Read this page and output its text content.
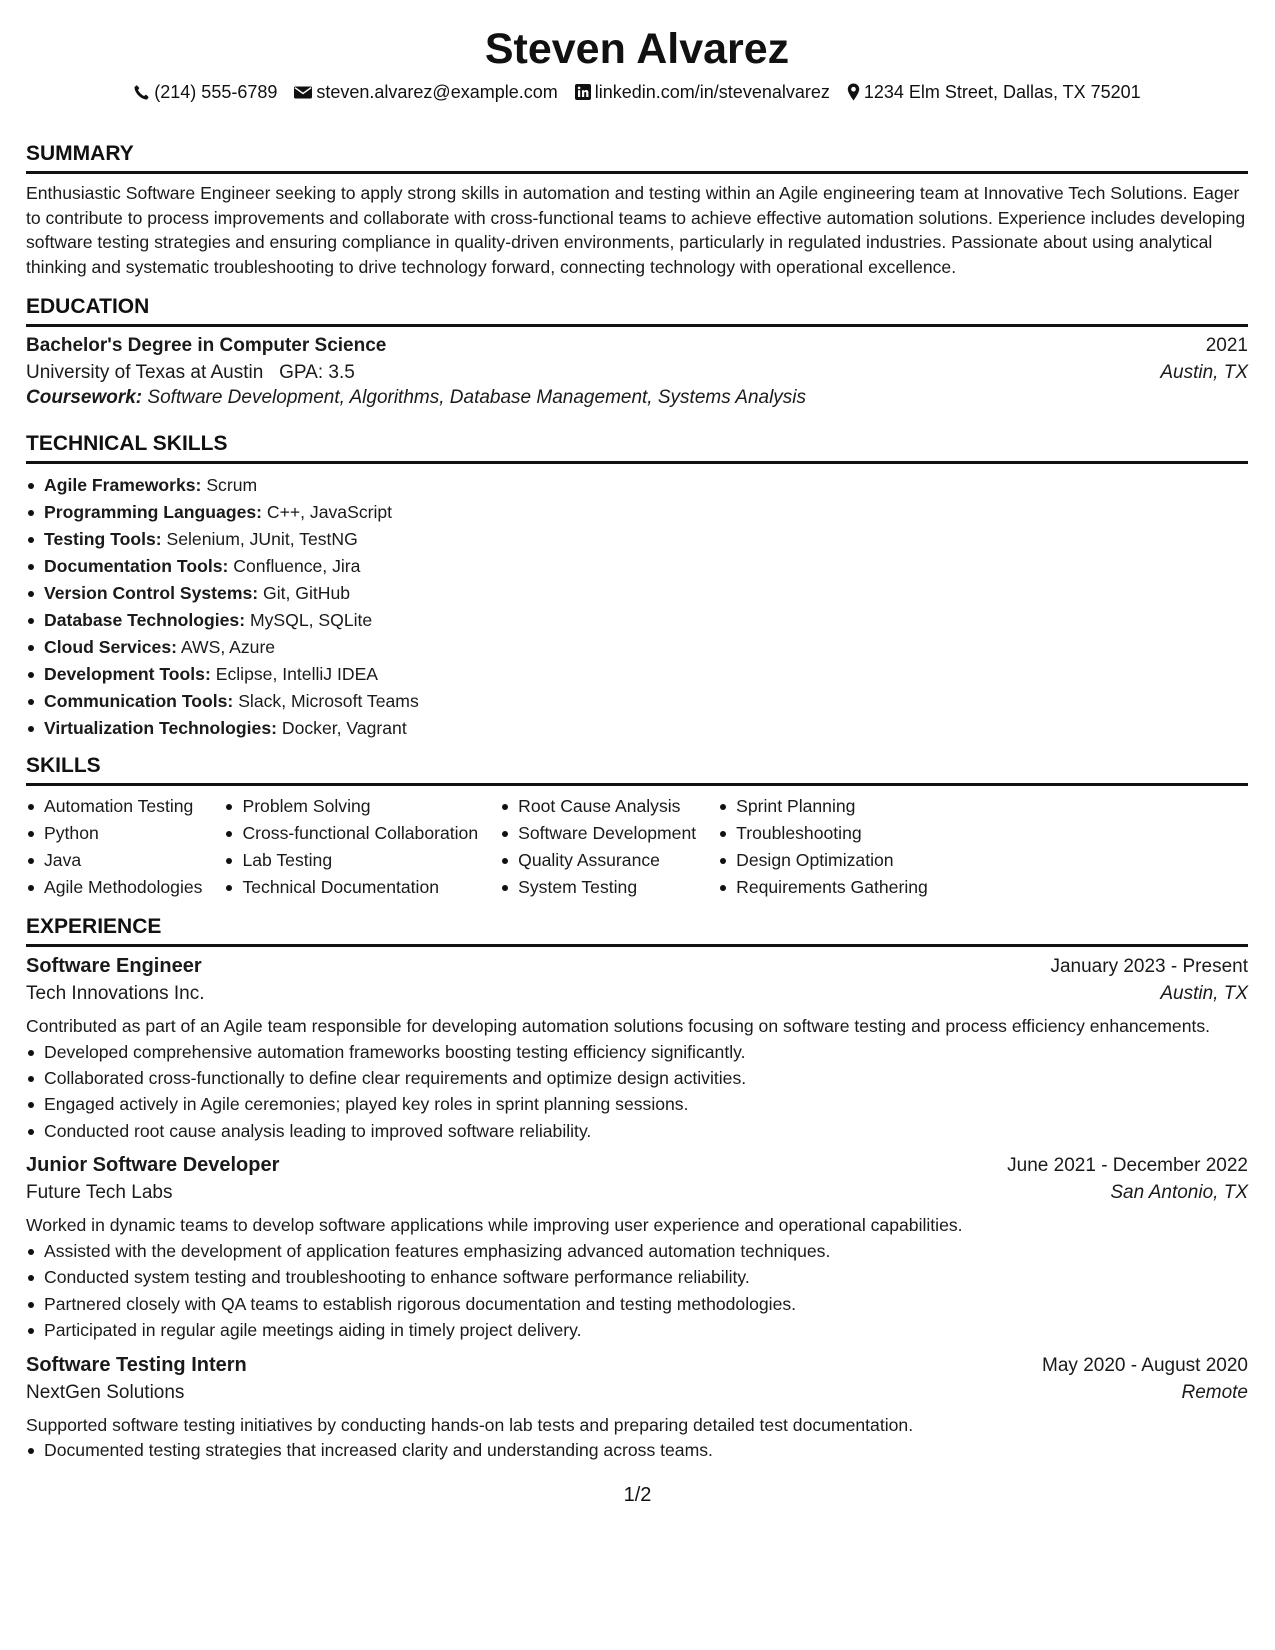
Steven Alvarez
(214) 555-6789 steven.alvarez@example.com linkedin.com/in/stevenalvarez 1234 Elm Street, Dallas, TX 75201
SUMMARY

Enthusiastic Software Engineer seeking to apply strong skills in automation and testing within an Agile engineering team at Innovative Tech Solutions. Eager to contribute to process improvements and collaborate with cross-functional teams to achieve effective automation solutions. Experience includes developing software testing strategies and ensuring compliance in quality-driven environments, particularly in regulated industries. Passionate about using analytical thinking and systematic troubleshooting to drive technology forward, connecting technology with operational excellence.

EDUCATION
Bachelor's Degree in Computer Science	2021
University of Texas at Austin GPA: 3.5	Austin, TX
Coursework: Software Development, Algorithms, Database Management, Systems Analysis
TECHNICAL SKILLS
Agile Frameworks: Scrum
Programming Languages: C++, JavaScript
Testing Tools: Selenium, JUnit, TestNG
Documentation Tools: Confluence, Jira
Version Control Systems: Git, GitHub
Database Technologies: MySQL, SQLite
Cloud Services: AWS, Azure
Development Tools: Eclipse, IntelliJ IDEA
Communication Tools: Slack, Microsoft Teams
Virtualization Technologies: Docker, Vagrant
SKILLS
Automation Testing
Python
Java
Agile Methodologies
Problem Solving
Cross-functional Collaboration
Lab Testing
Technical Documentation
Root Cause Analysis
Software Development
Quality Assurance
System Testing
Sprint Planning
Troubleshooting
Design Optimization
Requirements Gathering
EXPERIENCE
Software Engineer	January 2023 - Present
Tech Innovations Inc.	Austin, TX

Contributed as part of an Agile team responsible for developing automation solutions focusing on software testing and process efficiency enhancements.

Developed comprehensive automation frameworks boosting testing efficiency significantly.
Collaborated cross-functionally to define clear requirements and optimize design activities.
Engaged actively in Agile ceremonies; played key roles in sprint planning sessions.
Conducted root cause analysis leading to improved software reliability.
Junior Software Developer	June 2021 - December 2022
Future Tech Labs	San Antonio, TX

Worked in dynamic teams to develop software applications while improving user experience and operational capabilities.

Assisted with the development of application features emphasizing advanced automation techniques.
Conducted system testing and troubleshooting to enhance software performance reliability.
Partnered closely with QA teams to establish rigorous documentation and testing methodologies.
Participated in regular agile meetings aiding in timely project delivery.
Software Testing Intern	May 2020 - August 2020
NextGen Solutions	Remote

Supported software testing initiatives by conducting hands-on lab tests and preparing detailed test documentation.

Documented testing strategies that increased clarity and understanding across teams.
1/2
